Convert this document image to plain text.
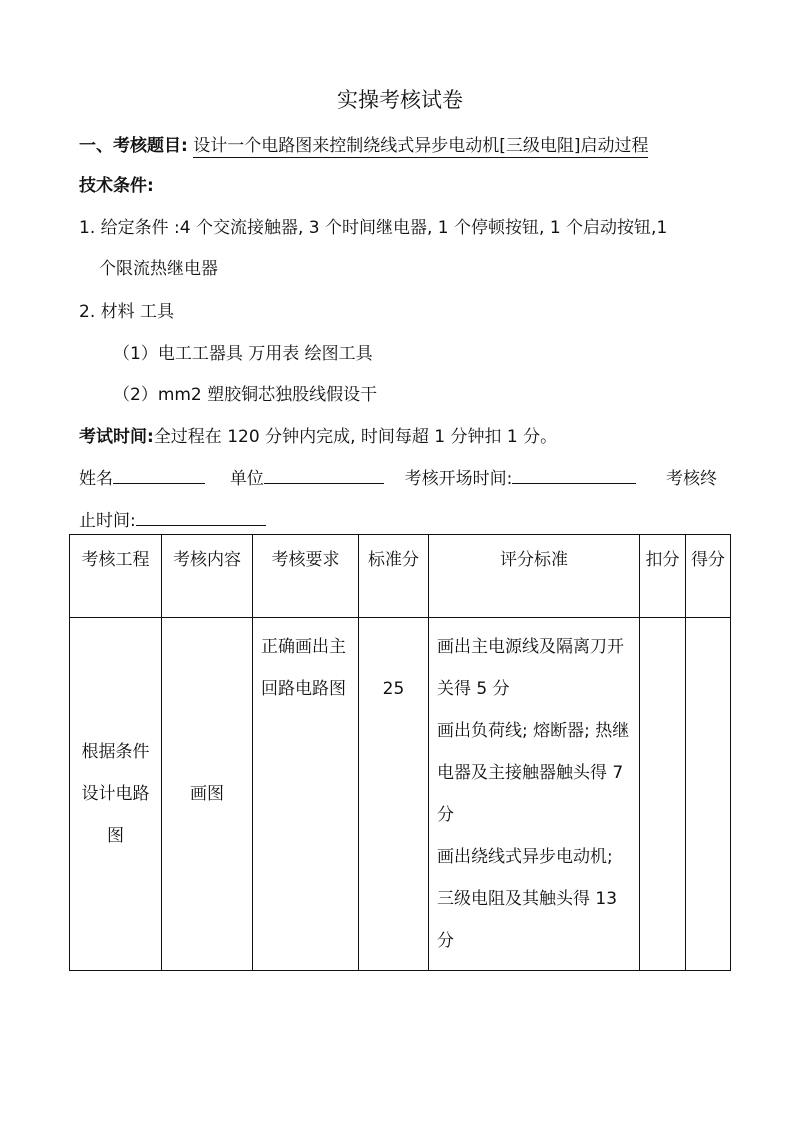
实操考核试卷
一、考核题目: 设计一个电路图来控制绕线式异步电动机[三级电阻]启动过程
技术条件:
1. 给定条件 :4 个交流接触器, 3 个时间继电器, 1 个停顿按钮, 1 个启动按钮,1
个限流热继电器
2. 材料 工具
（1）电工工器具 万用表 绘图工具
（2）mm2 塑胶铜芯独股线假设干
考试时间:全过程在 120 分钟内完成, 时间每超 1 分钟扣 1 分。
姓名	单位	考核开场时间:	考核终
止时间:
考核工程	考核内容	考核要求	标准分	评分标准	扣分	得分
根据条件设计电路图	画图	正确画出主回路电路图	25	画出主电源线及隔离刀开关得 5 分
画出负荷线; 熔断器; 热继电器及主接触器触头得 7 分
画出绕线式异步电动机; 三级电阻及其触头得 13 分		
